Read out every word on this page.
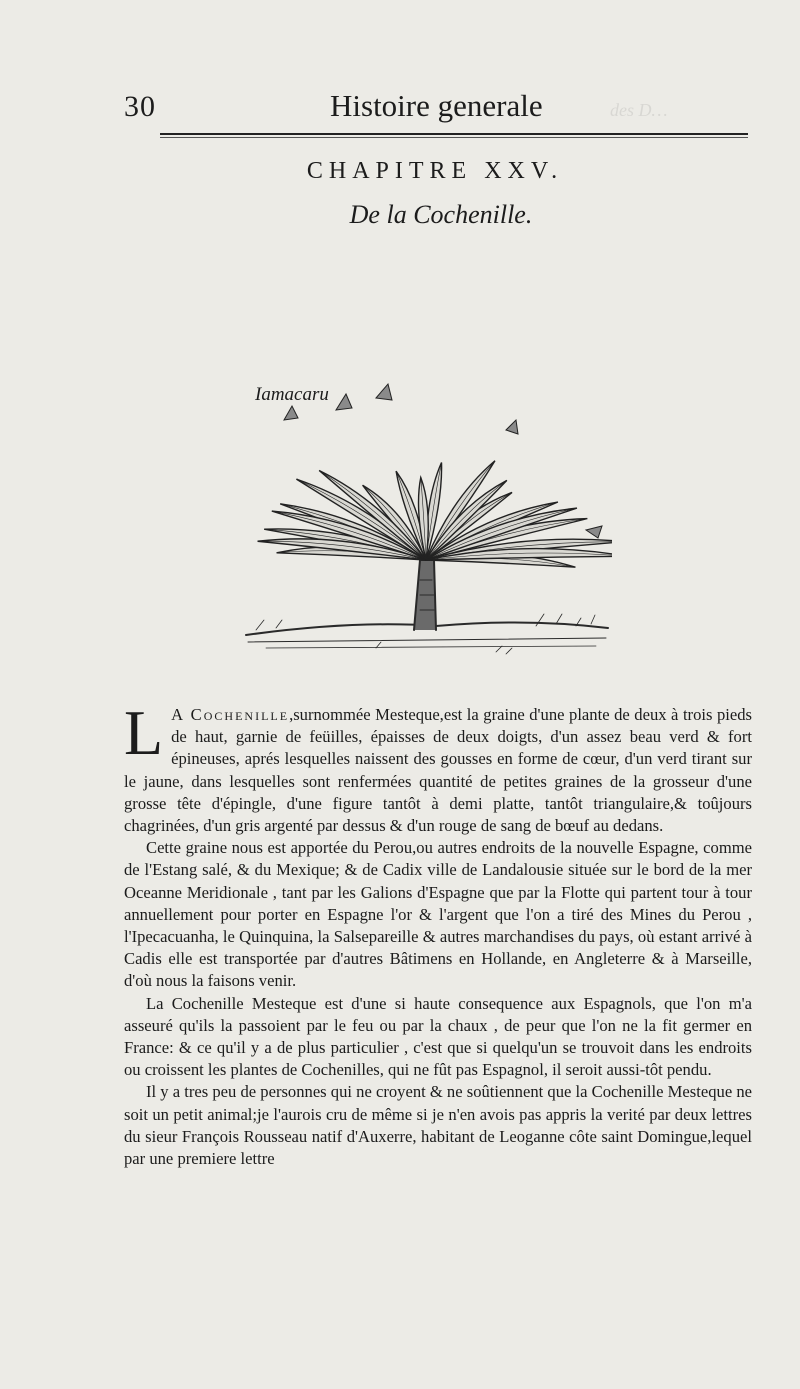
des D…
30	Histoire generale
CHAPITRE XXV.
De la Cochenille.
Iamacaru

L A Cochenille,surnommée Mesteque,est la graine d'une plante de deux à trois pieds de haut, garnie de feüilles, épaisses de deux doigts, d'un assez beau verd & fort épineuses, aprés lesquelles naissent des gousses en forme de cœur, d'un verd tirant sur le jaune, dans lesquelles sont renfermées quantité de petites graines de la grosseur d'une grosse tête d'épingle, d'une figure tantôt à demi platte, tantôt triangulaire,& toûjours chagrinées, d'un gris argenté par dessus & d'un rouge de sang de bœuf au dedans.

Cette graine nous est apportée du Perou,ou autres endroits de la nouvelle Espagne, comme de l'Estang salé, & du Mexique; & de Cadix ville de Landalousie située sur le bord de la mer Oceanne Meridionale , tant par les Galions d'Espagne que par la Flotte qui partent tour à tour annuellement pour porter en Espagne l'or & l'argent que l'on a tiré des Mines du Perou , l'Ipecacuanha, le Quinquina, la Salsepareille & autres marchandises du pays, où estant arrivé à Cadis elle est transportée par d'autres Bâtimens en Hollande, en Angleterre & à Marseille, d'où nous la faisons venir.

La Cochenille Mesteque est d'une si haute consequence aux Espagnols, que l'on m'a asseuré qu'ils la passoient par le feu ou par la chaux , de peur que l'on ne la fit germer en France: & ce qu'il y a de plus particulier , c'est que si quelqu'un se trouvoit dans les endroits ou croissent les plantes de Cochenilles, qui ne fût pas Espagnol, il seroit aussi-tôt pendu.

Il y a tres peu de personnes qui ne croyent & ne soûtiennent que la Cochenille Mesteque ne soit un petit animal;je l'aurois cru de même si je n'en avois pas appris la verité par deux lettres du sieur François Rousseau natif d'Auxerre, habitant de Leoganne côte saint Domingue,lequel par une premiere lettre
